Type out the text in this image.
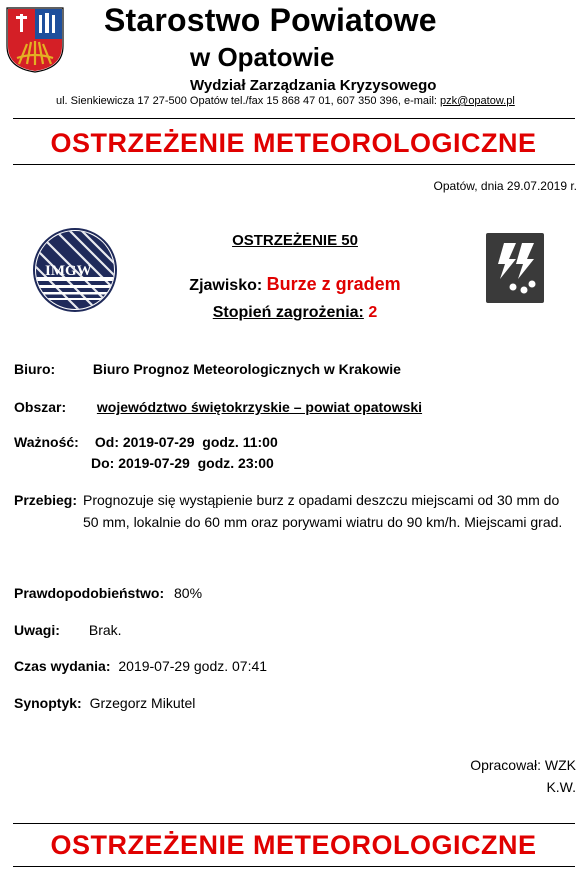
Starostwo Powiatowe
w Opatowie
Wydział Zarządzania Kryzysowego
ul. Sienkiewicza 17 27-500 Opatów tel./fax 15 868 47 01, 607 350 396, e-mail: pzk@opatow.pl
OSTRZEŻENIE METEOROLOGICZNE
Opatów, dnia 29.07.2019 r.
IMGW
OSTRZEŻENIE 50
Zjawisko: Burze z gradem
Stopień zagrożenia: 2
Biuro:	Biuro Prognoz Meteorologicznych w Krakowie
Obszar: województwo świętokrzyskie – powiat opatowski
Ważność: Od: 2019-07-29  godz. 11:00
Do: 2019-07-29  godz. 23:00
Przebieg: Prognozuje się wystąpienie burz z opadami deszczu miejscami od 30 mm do 50 mm, lokalnie do 60 mm oraz porywami wiatru do 90 km/h. Miejscami grad.
Prawdopodobieństwo: 80%
Uwagi: Brak.
Czas wydania: 2019-07-29 godz. 07:41
Synoptyk: Grzegorz Mikutel
Opracował: WZK
K.W.
OSTRZEŻENIE METEOROLOGICZNE
